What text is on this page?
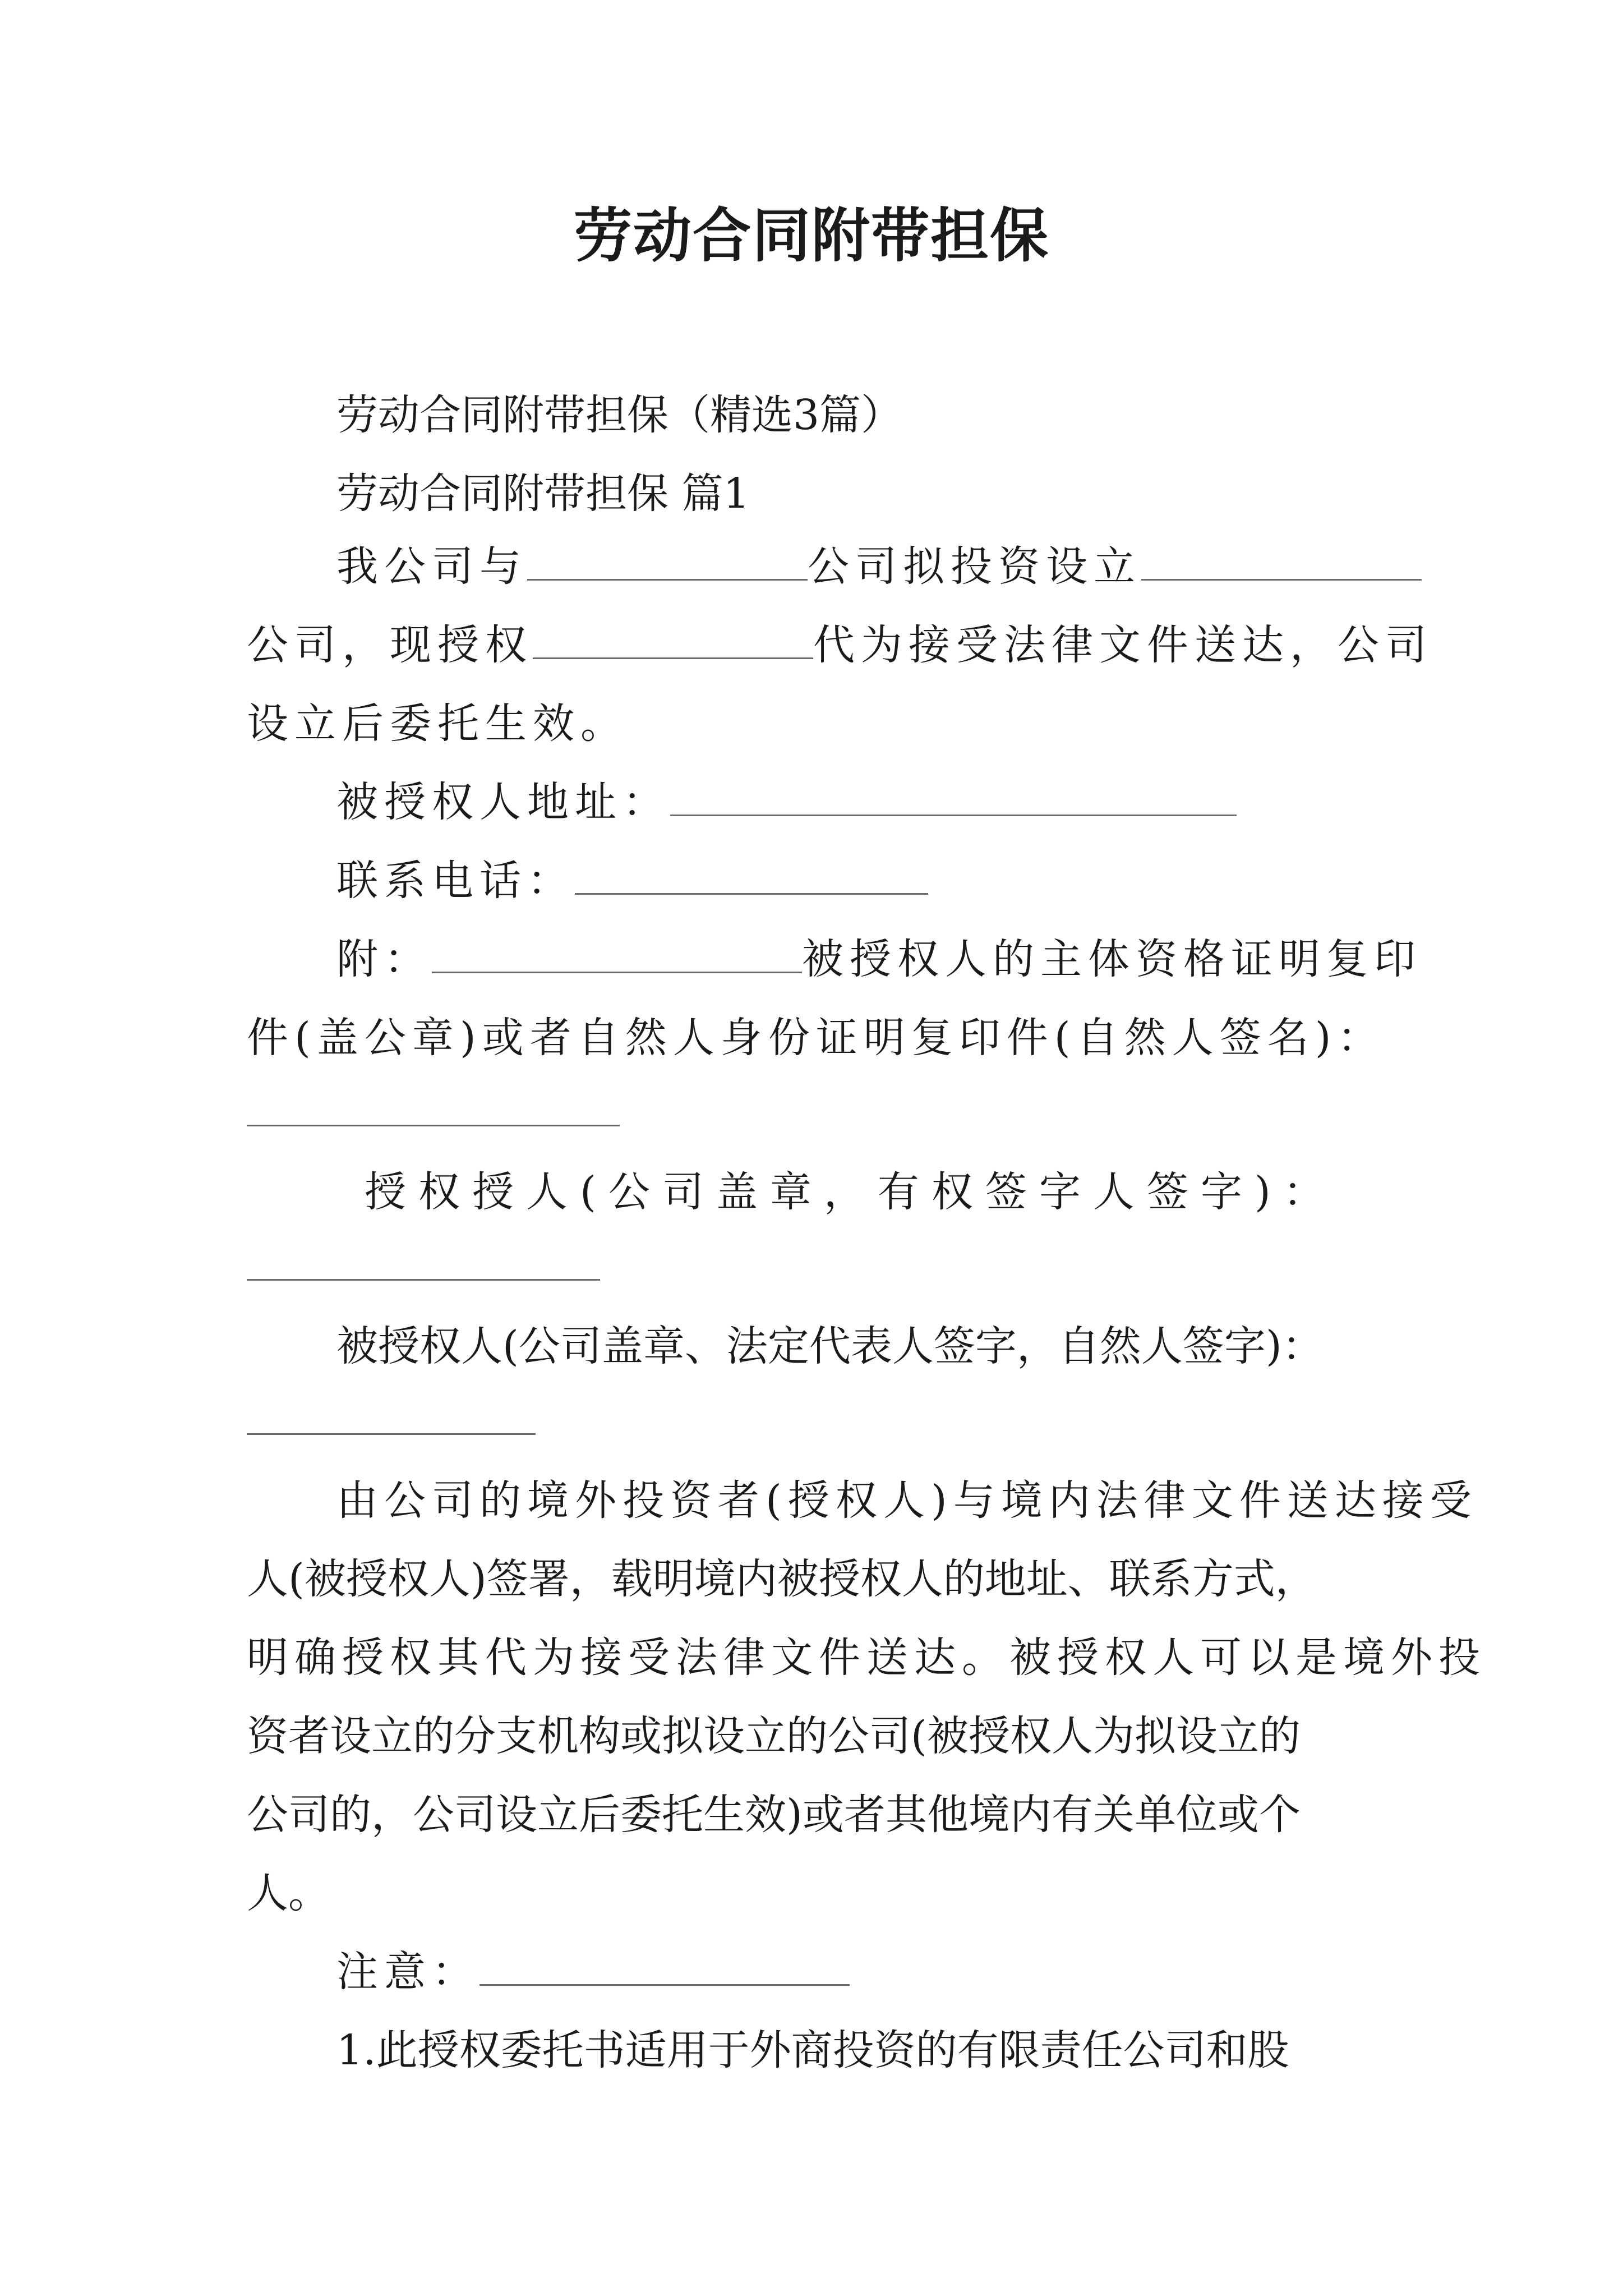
劳动合同附带担保

劳动合同附带担保（精选3篇）

劳动合同附带担保 篇1

我公司与	公司拟投资设立

公司，现授权	代为接受法律文件送达，公司

设立后委托生效。

被授权人地址：

联系电话：

附：	被授权人的主体资格证明复印

件(盖公章)或者自然人身份证明复印件(自然人签名)：

授权授人(公司盖章，有权签字人签字)：

被授权人(公司盖章、法定代表人签字，自然人签字)：

由公司的境外投资者(授权人)与境内法律文件送达接受

人(被授权人)签署，载明境内被授权人的地址、联系方式，

明确授权其代为接受法律文件送达。被授权人可以是境外投

资者设立的分支机构或拟设立的公司(被授权人为拟设立的

公司的，公司设立后委托生效)或者其他境内有关单位或个

人。

注意：

1.此授权委托书适用于外商投资的有限责任公司和股
